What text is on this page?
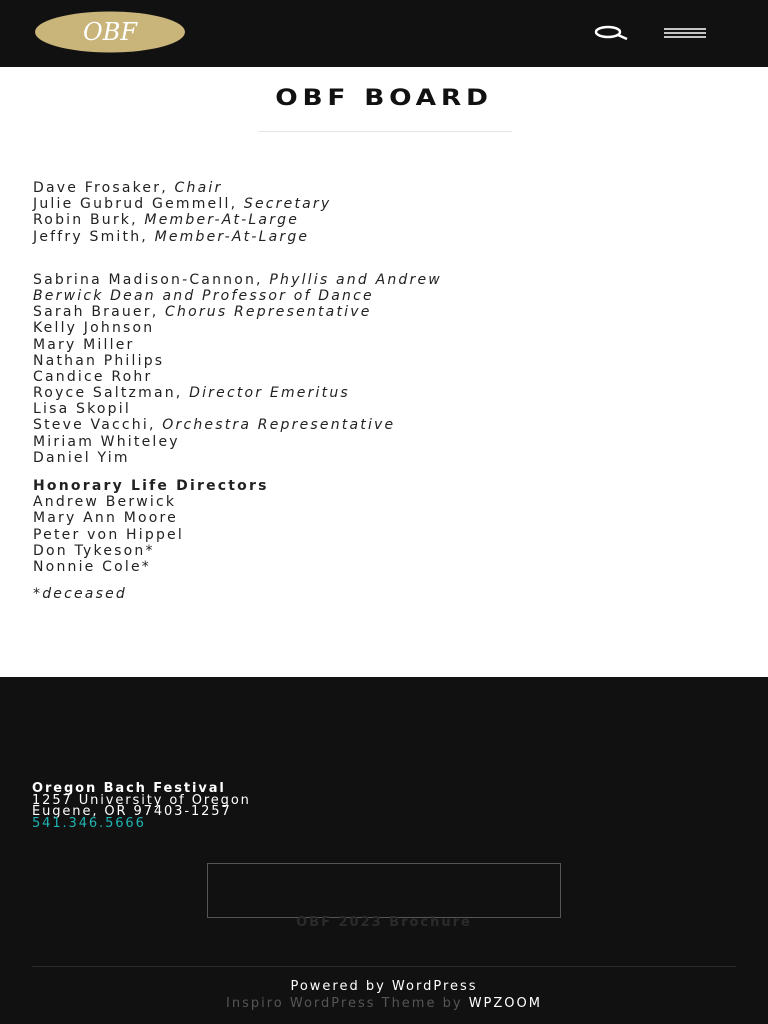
OBF
OBF BOARD
Dave Frosaker, Chair
Julie Gubrud Gemmell, Secretary
Robin Burk, Member-At-Large
Jeffry Smith, Member-At-Large
Sabrina Madison-Cannon, Phyllis and Andrew
Berwick Dean and Professor of Dance
Sarah Brauer, Chorus Representative
Kelly Johnson
Mary Miller
Nathan Philips
Candice Rohr
Royce Saltzman, Director Emeritus
Lisa Skopil
Steve Vacchi, Orchestra Representative
Miriam Whiteley
Daniel Yim
Honorary Life Directors
Andrew Berwick
Mary Ann Moore
Peter von Hippel
Don Tykeson*
Nonnie Cole*
*deceased
Oregon Bach Festival
1257 University of Oregon
Eugene, OR 97403-1257
541.346.5666
OBF 2023 Brochure
Powered by WordPress
Inspiro WordPress Theme by WPZOOM
